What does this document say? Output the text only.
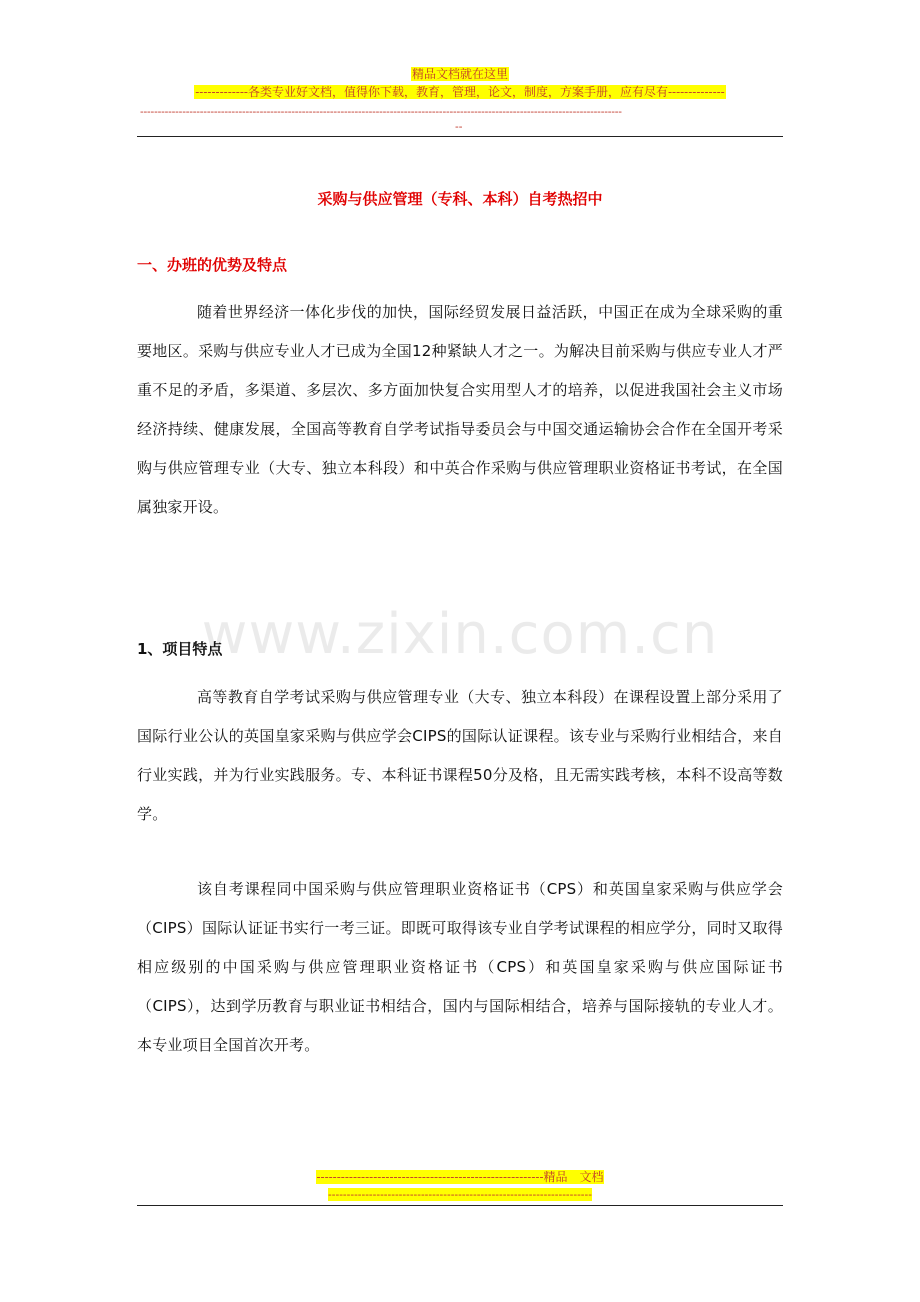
精品文档就在这里
-------------各类专业好文档，值得你下载，教育，管理，论文，制度，方案手册，应有尽有--------------
-----------------------------------------------------------------------------------------------------------------------------------------
--
采购与供应管理（专科、本科）自考热招中
一、办班的优势及特点

随着世界经济一体化步伐的加快，国际经贸发展日益活跃，中国正在成为全球采购的重要地区。采购与供应专业人才已成为全国12种紧缺人才之一。为解决目前采购与供应专业人才严重不足的矛盾，多渠道、多层次、多方面加快复合实用型人才的培养，以促进我国社会主义市场经济持续、健康发展，全国高等教育自学考试指导委员会与中国交通运输协会合作在全国开考采购与供应管理专业（大专、独立本科段）和中英合作采购与供应管理职业资格证书考试，在全国属独家开设。

www.zixin.com.cn
1、项目特点

高等教育自学考试采购与供应管理专业（大专、独立本科段）在课程设置上部分采用了国际行业公认的英国皇家采购与供应学会CIPS的国际认证课程。该专业与采购行业相结合，来自行业实践，并为行业实践服务。专、本科证书课程50分及格，且无需实践考核，本科不设高等数学。

该自考课程同中国采购与供应管理职业资格证书（CPS）和英国皇家采购与供应学会（CIPS）国际认证证书实行一考三证。即既可取得该专业自学考试课程的相应学分，同时又取得相应级别的中国采购与供应管理职业资格证书（CPS）和英国皇家采购与供应国际证书（CIPS），达到学历教育与职业证书相结合，国内与国际相结合，培养与国际接轨的专业人才。本专业项目全国首次开考。

--------------------------------------------------------精品　文档
-----------------------------------------------------------------------
